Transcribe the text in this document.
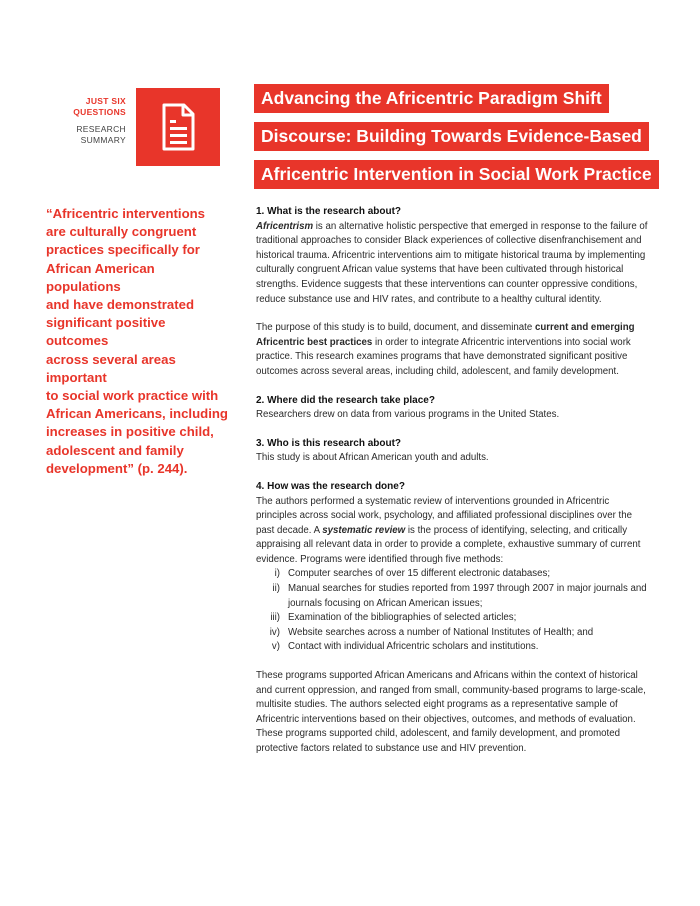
JUST SIX
QUESTIONS
RESEARCH
SUMMARY
Advancing the Africentric Paradigm Shift
Discourse: Building Towards Evidence-Based
Africentric Intervention in Social Work Practice
“Africentric interventions
are culturally congruent
practices specifically for
African American populations
and have demonstrated
significant positive outcomes
across several areas important
to social work practice with
African Americans, including
increases in positive child,
adolescent and family
development” (p. 244).
1. What is the research about?

Africentrism is an alternative holistic perspective that emerged in response to the failure of traditional approaches to consider Black experiences of collective disenfranchisement and historical trauma. Africentric interventions aim to mitigate historical trauma by implementing culturally congruent African value systems that have been cultivated through historical strengths. Evidence suggests that these interventions can counter oppressive conditions, reduce substance use and HIV rates, and contribute to a healthy cultural identity.

The purpose of this study is to build, document, and disseminate current and emerging Africentric best practices in order to integrate Africentric interventions into social work practice. This research examines programs that have demonstrated significant positive outcomes across several areas, including child, adolescent, and family development.

2. Where did the research take place?

Researchers drew on data from various programs in the United States.

3. Who is this research about?

This study is about African American youth and adults.

4. How was the research done?

The authors performed a systematic review of interventions grounded in Africentric principles across social work, psychology, and affiliated professional disciplines over the past decade. A systematic review is the process of identifying, selecting, and critically appraising all relevant data in order to provide a complete, exhaustive summary of current evidence. Programs were identified through five methods:

i) Computer searches of over 15 different electronic databases;
ii) Manual searches for studies reported from 1997 through 2007 in major journals and journals focusing on African American issues;
iii) Examination of the bibliographies of selected articles;
iv) Website searches across a number of National Institutes of Health; and
v) Contact with individual Africentric scholars and institutions.

These programs supported African Americans and Africans within the context of historical and current oppression, and ranged from small, community-based programs to large-scale, multisite studies. The authors selected eight programs as a representative sample of Africentric interventions based on their objectives, outcomes, and methods of evaluation. These programs supported child, adolescent, and family development, and promoted protective factors related to substance use and HIV prevention.
